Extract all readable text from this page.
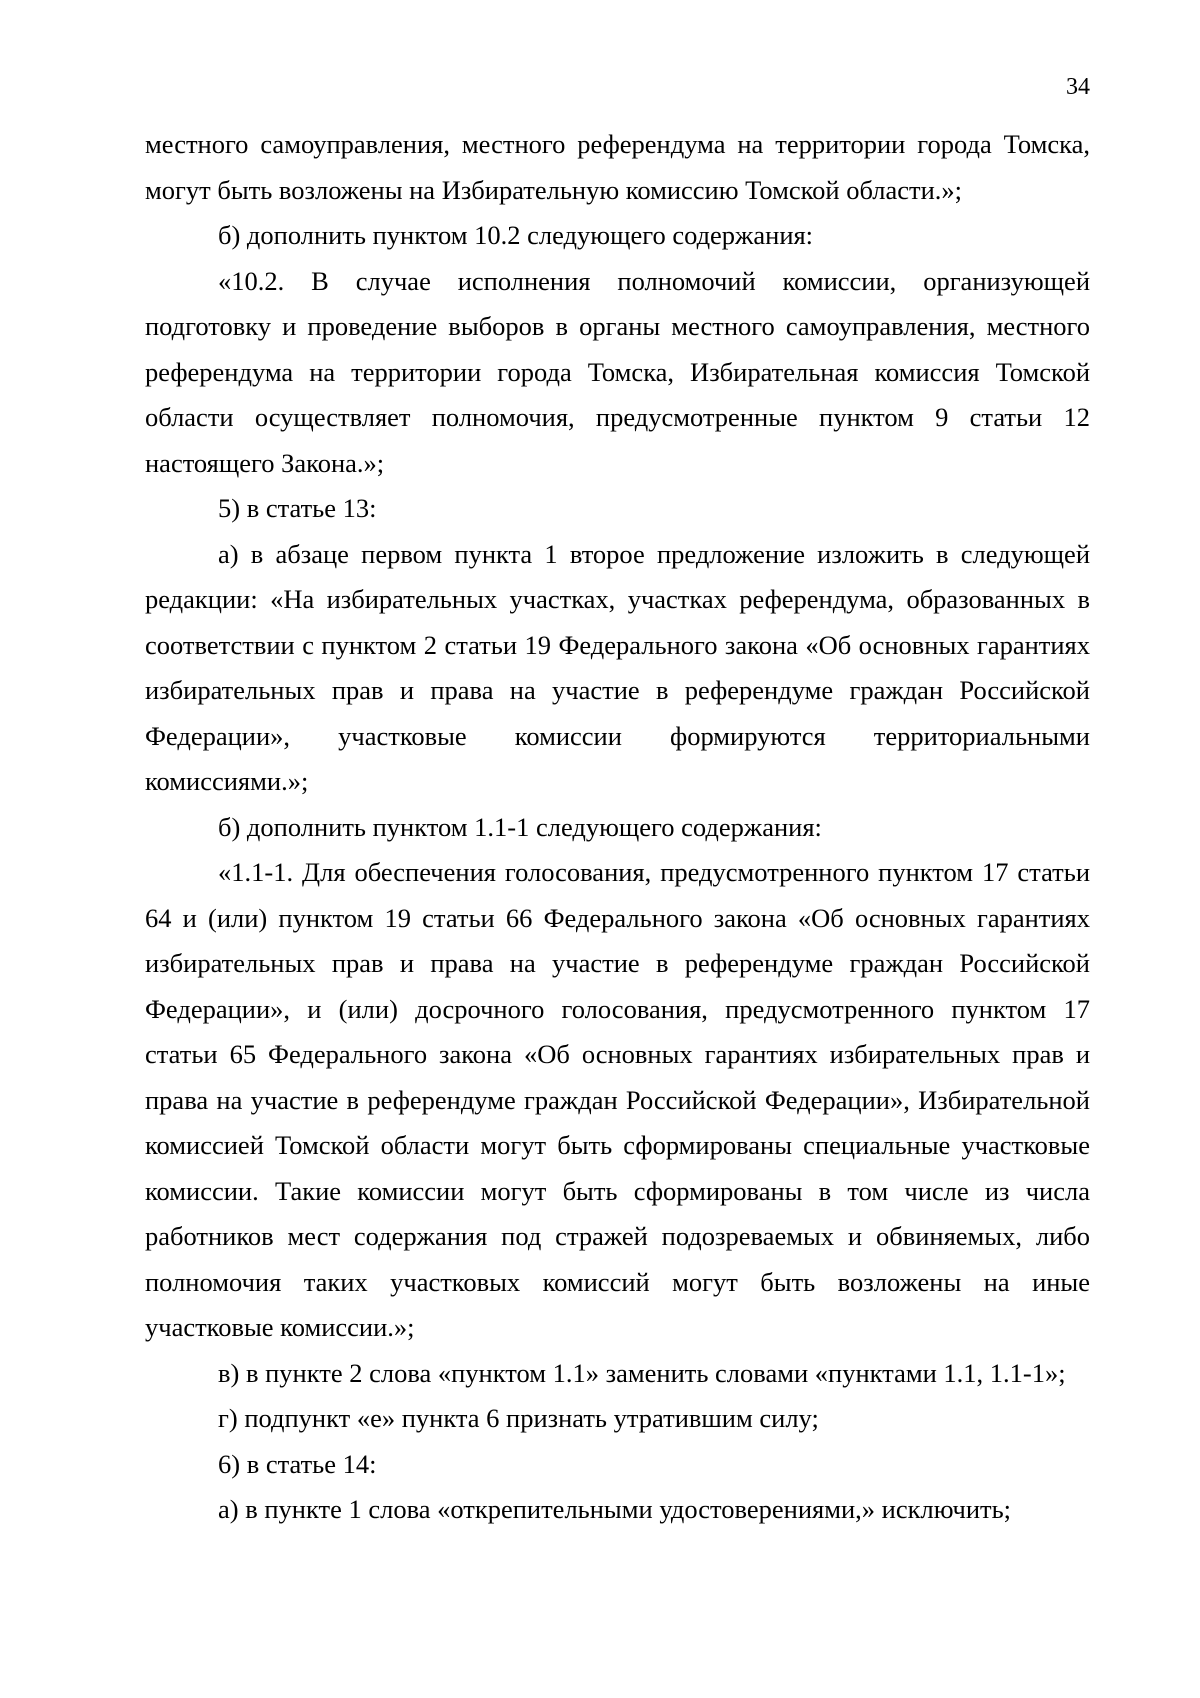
34

местного самоуправления, местного референдума на территории города Томска, могут быть возложены на Избирательную комиссию Томской области.»;

б) дополнить пунктом 10.2 следующего содержания:

«10.2. В случае исполнения полномочий комиссии, организующей подготовку и проведение выборов в органы местного самоуправления, местного референдума на территории города Томска, Избирательная комиссия Томской области осуществляет полномочия, предусмотренные пунктом 9 статьи 12 настоящего Закона.»;

5) в статье 13:

а) в абзаце первом пункта 1 второе предложение изложить в следующей редакции: «На избирательных участках, участках референдума, образованных в соответствии с пунктом 2 статьи 19 Федерального закона «Об основных гарантиях избирательных прав и права на участие в референдуме граждан Российской Федерации», участковые комиссии формируются территориальными комиссиями.»;

б) дополнить пунктом 1.1-1 следующего содержания:

«1.1-1. Для обеспечения голосования, предусмотренного пунктом 17 статьи 64 и (или) пунктом 19 статьи 66 Федерального закона «Об основных гарантиях избирательных прав и права на участие в референдуме граждан Российской Федерации», и (или) досрочного голосования, предусмотренного пунктом 17 статьи 65 Федерального закона «Об основных гарантиях избирательных прав и права на участие в референдуме граждан Российской Федерации», Избирательной комиссией Томской области могут быть сформированы специальные участковые комиссии. Такие комиссии могут быть сформированы в том числе из числа работников мест содержания под стражей подозреваемых и обвиняемых, либо полномочия таких участковых комиссий могут быть возложены на иные участковые комиссии.»;

в) в пункте 2 слова «пунктом 1.1» заменить словами «пунктами 1.1, 1.1-1»;

г) подпункт «е» пункта 6 признать утратившим силу;

6) в статье 14:

а) в пункте 1 слова «открепительными удостоверениями,» исключить;
